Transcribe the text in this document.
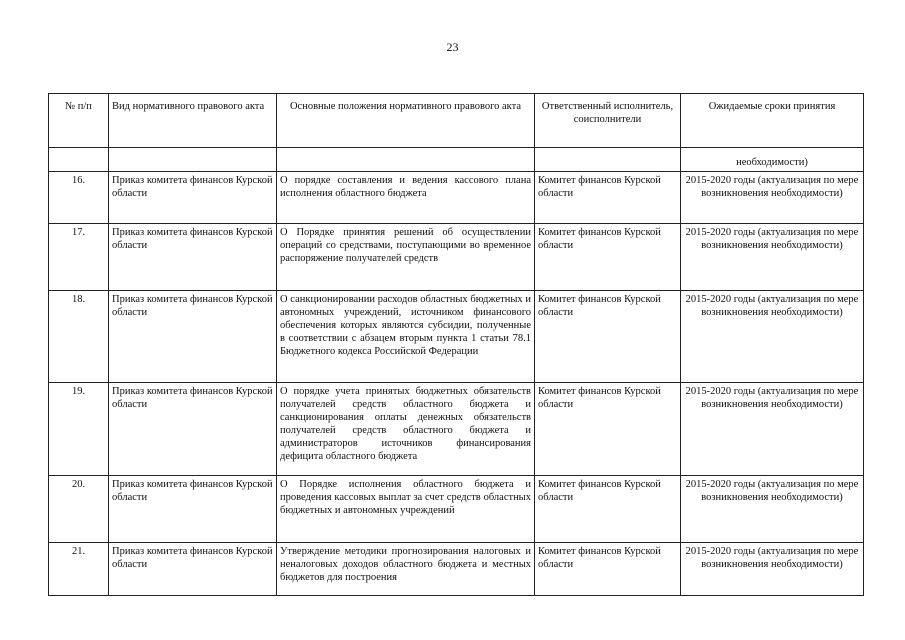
23
№ п/п	Вид нормативного правового акта	Основные положения нормативного правового акта	Ответственный исполнитель, соисполнители	Ожидаемые сроки принятия
				необходимости)
16.	Приказ комитета финансов Курской области	О порядке составления и ведения кассового плана исполнения областного бюджета	Комитет финансов Курской области	2015-2020 годы (актуализация по мере возникновения необходимости)
17.	Приказ комитета финансов Курской области	О Порядке принятия решений об осуществлении операций со средствами, поступающими во временное распоряжение получателей средств	Комитет финансов Курской области	2015-2020 годы (актуализация по мере возникновения необходимости)
18.	Приказ комитета финансов Курской области	О санкционировании расходов областных бюджетных и автономных учреждений, источником финансового обеспечения которых являются субсидии, полученные в соответствии с абзацем вторым пункта 1 статьи 78.1 Бюджетного кодекса Российской Федерации	Комитет финансов Курской области	2015-2020 годы (актуализация по мере возникновения необходимости)
19.	Приказ комитета финансов Курской области	О порядке учета принятых бюджетных обязательств получателей средств областного бюджета и санкционирования оплаты денежных обязательств получателей средств областного бюджета и администраторов источников финансирования дефицита областного бюджета	Комитет финансов Курской области	2015-2020 годы (актуализация по мере возникновения необходимости)
20.	Приказ комитета финансов Курской области	О Порядке исполнения областного бюджета и проведения кассовых выплат за счет средств областных бюджетных и автономных учреждений	Комитет финансов Курской области	2015-2020 годы (актуализация по мере возникновения необходимости)
21.	Приказ комитета финансов Курской области	Утверждение методики прогнозирования налоговых и неналоговых доходов областного бюджета и местных бюджетов для построения	Комитет финансов Курской области	2015-2020 годы (актуализация по мере возникновения необходимости)
